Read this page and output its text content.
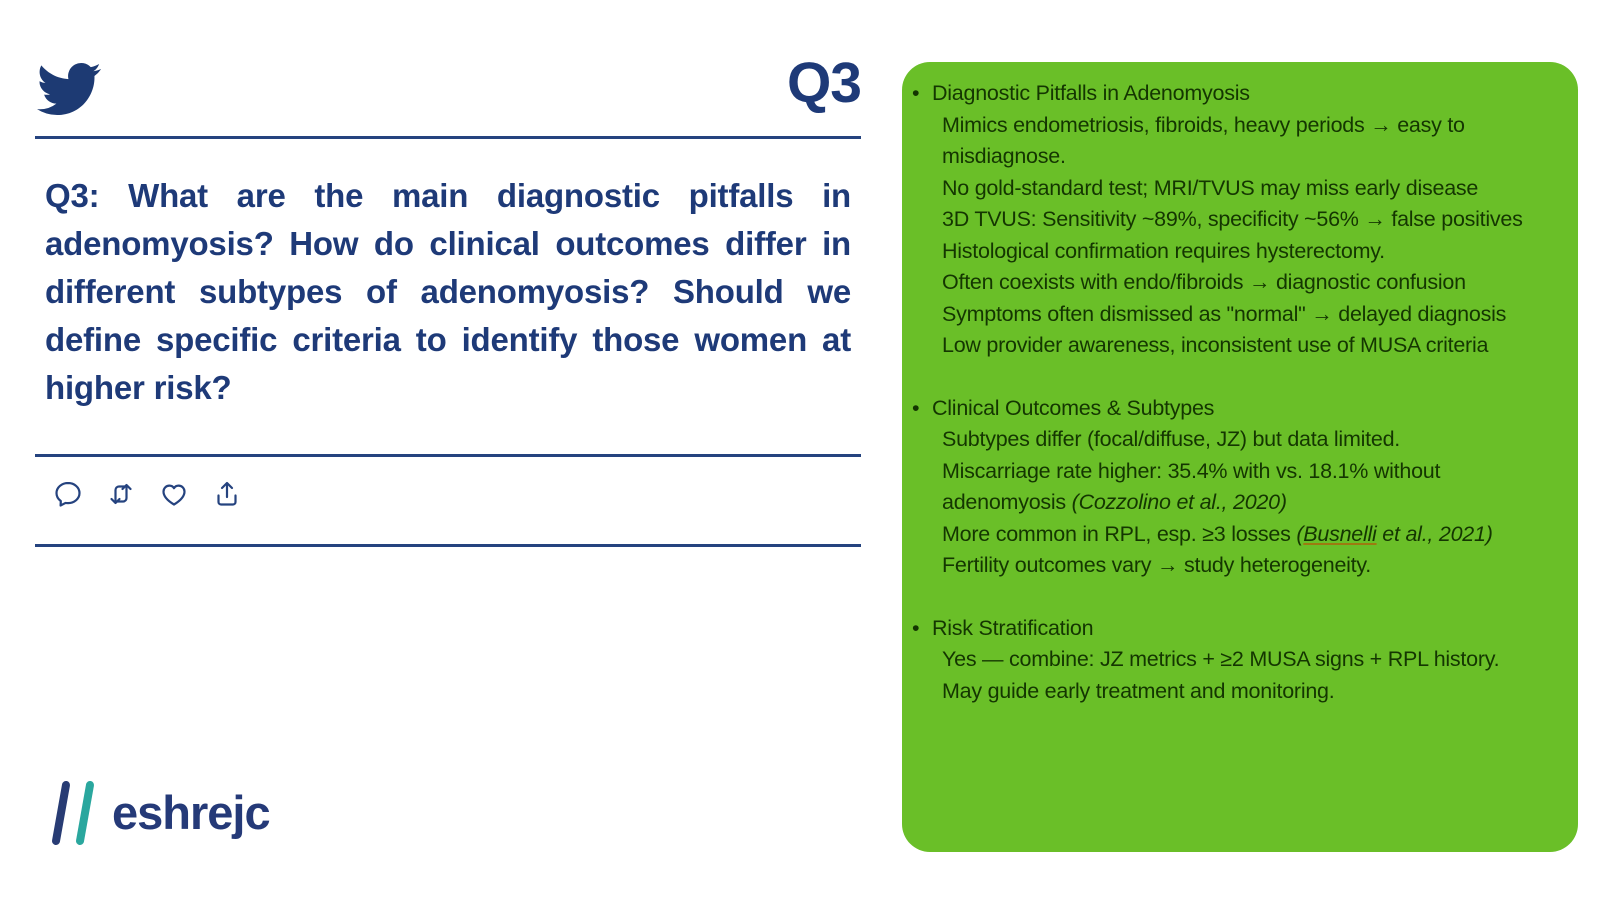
Q3
Q3: What are the main diagnostic pitfalls in adenomyosis? How do clinical outcomes differ in different subtypes of adenomyosis? Should we define specific criteria to identify those women at higher risk?
eshrejc
• Diagnostic Pitfalls in Adenomyosis
Mimics endometriosis, fibroids, heavy periods → easy to misdiagnose.
No gold-standard test; MRI/TVUS may miss early disease
3D TVUS: Sensitivity ~89%, specificity ~56% → false positives
Histological confirmation requires hysterectomy.
Often coexists with endo/fibroids → diagnostic confusion
Symptoms often dismissed as "normal" → delayed diagnosis
Low provider awareness, inconsistent use of MUSA criteria
• Clinical Outcomes & Subtypes
Subtypes differ (focal/diffuse, JZ) but data limited.
Miscarriage rate higher: 35.4% with vs. 18.1% without adenomyosis (Cozzolino et al., 2020)
More common in RPL, esp. ≥3 losses (Busnelli et al., 2021)
Fertility outcomes vary → study heterogeneity.
• Risk Stratification
Yes — combine: JZ metrics + ≥2 MUSA signs + RPL history.
May guide early treatment and monitoring.
